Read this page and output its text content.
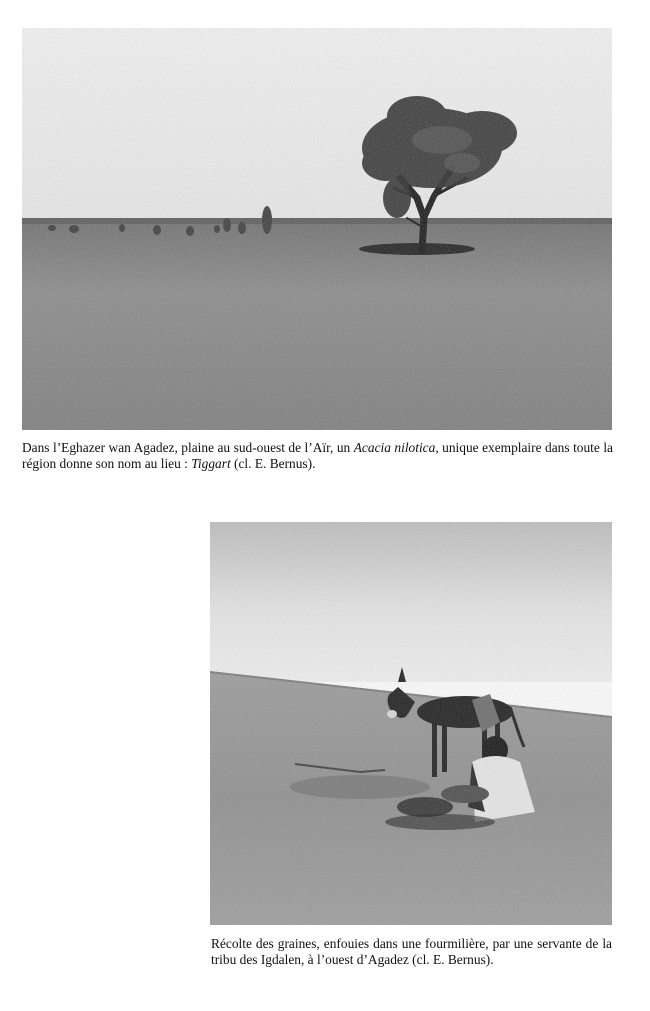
Dans l’Eghazer wan Agadez, plaine au sud-ouest de l’Aïr, un Acacia nilotica, unique exemplaire dans toute la région donne son nom au lieu : Tiggart (cl. E. Bernus).
Récolte des graines, enfouies dans une fourmilière, par une servante de la tribu des Igdalen, à l’ouest d’Agadez (cl. E. Bernus).
